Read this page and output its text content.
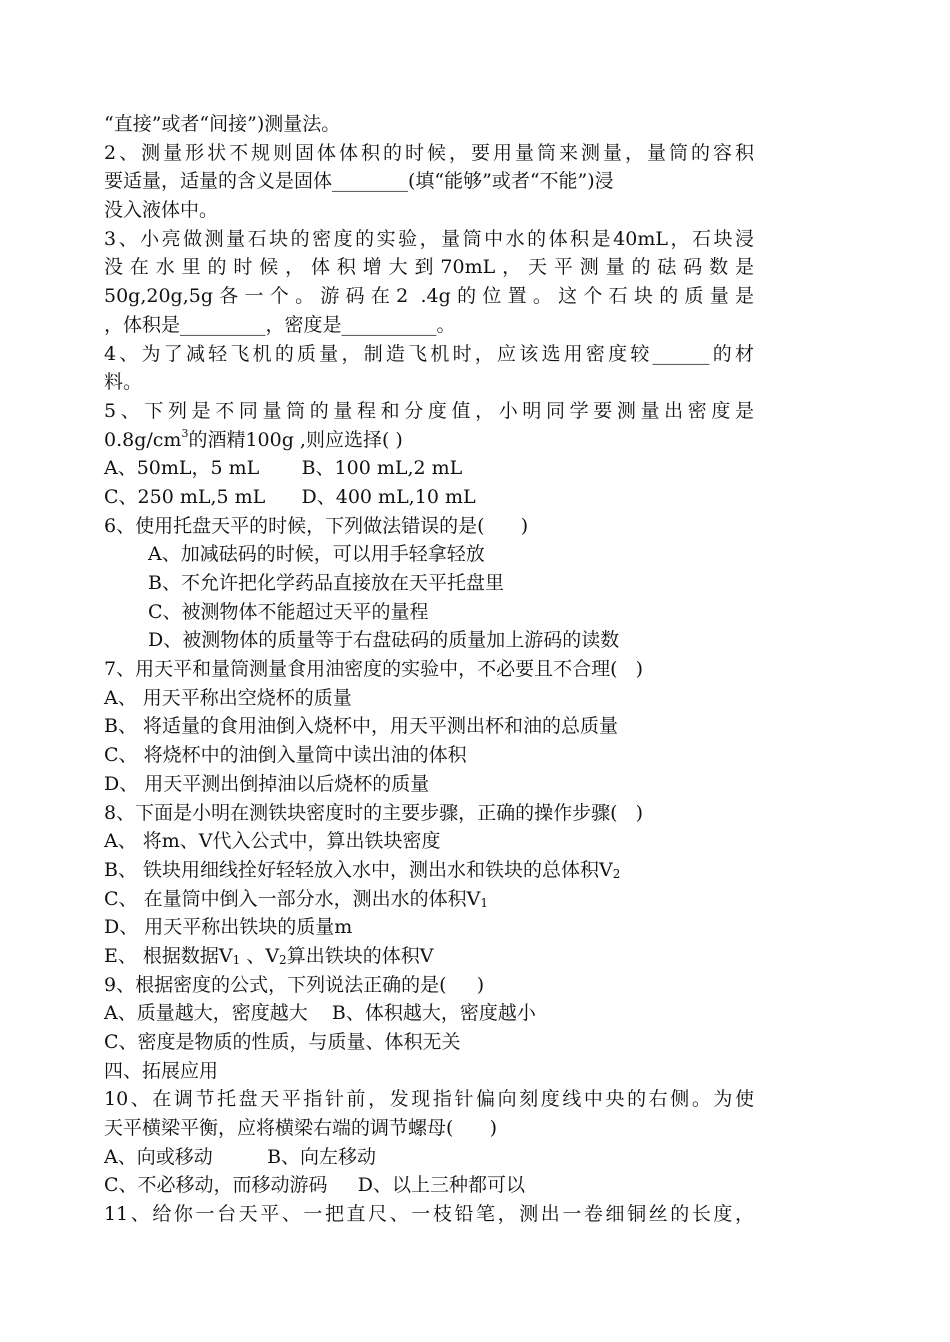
“直接”或者“间接”)测量法。
2、测量形状不规则固体体积的时候，要用量筒来测量，量筒的容积
要适量，适量的含义是固体________(填“能够”或者“不能”)浸
没入液体中。
3、小亮做测量石块的密度的实验，量筒中水的体积是40mL，石块浸
没在水里的时候，体积增大到70mL，天平测量的砝码数是
50g,20g,5g各一个。游码在2 .4g的位置。这个石块的质量是
，体积是_________，密度是__________。
4、为了减轻飞机的质量，制造飞机时，应该选用密度较______的材
料。
5、下列是不同量筒的量程和分度值，小明同学要测量出密度是
$0.8g/cm^3$的酒精100g ,则应选择( )
A、50mL，5 mL       B、100 mL,2 mL
C、250 mL,5 mL      D、400 mL,10 mL
6、使用托盘天平的时候，下列做法错误的是(      )
A、加减砝码的时候，可以用手轻拿轻放
B、不允许把化学药品直接放在天平托盘里
C、被测物体不能超过天平的量程
D、被测物体的质量等于右盘砝码的质量加上游码的读数
7、用天平和量筒测量食用油密度的实验中，不必要且不合理(   )
A、 用天平称出空烧杯的质量
B、 将适量的食用油倒入烧杯中，用天平测出杯和油的总质量
C、 将烧杯中的油倒入量筒中读出油的体积
D、 用天平测出倒掉油以后烧杯的质量
8、下面是小明在测铁块密度时的主要步骤，正确的操作步骤(   )
A、 将m、V代入公式中，算出铁块密度
B、 铁块用细线拴好轻轻放入水中，测出水和铁块的总体积$V_2$
C、 在量筒中倒入一部分水，测出水的体积$V_1$
D、 用天平称出铁块的质量m
E、 根据数据$V_1$ 、$V_2$算出铁块的体积V
9、根据密度的公式，下列说法正确的是(     )
A、质量越大，密度越大    B、体积越大，密度越小
C、密度是物质的性质，与质量、体积无关
四、拓展应用
10、在调节托盘天平指针前，发现指针偏向刻度线中央的右侧。为使
天平横梁平衡，应将横梁右端的调节螺母(      )
A、向或移动         B、向左移动
C、不必移动，而移动游码     D、以上三种都可以
11、给你一台天平、一把直尺、一枝铅笔，测出一卷细铜丝的长度，
